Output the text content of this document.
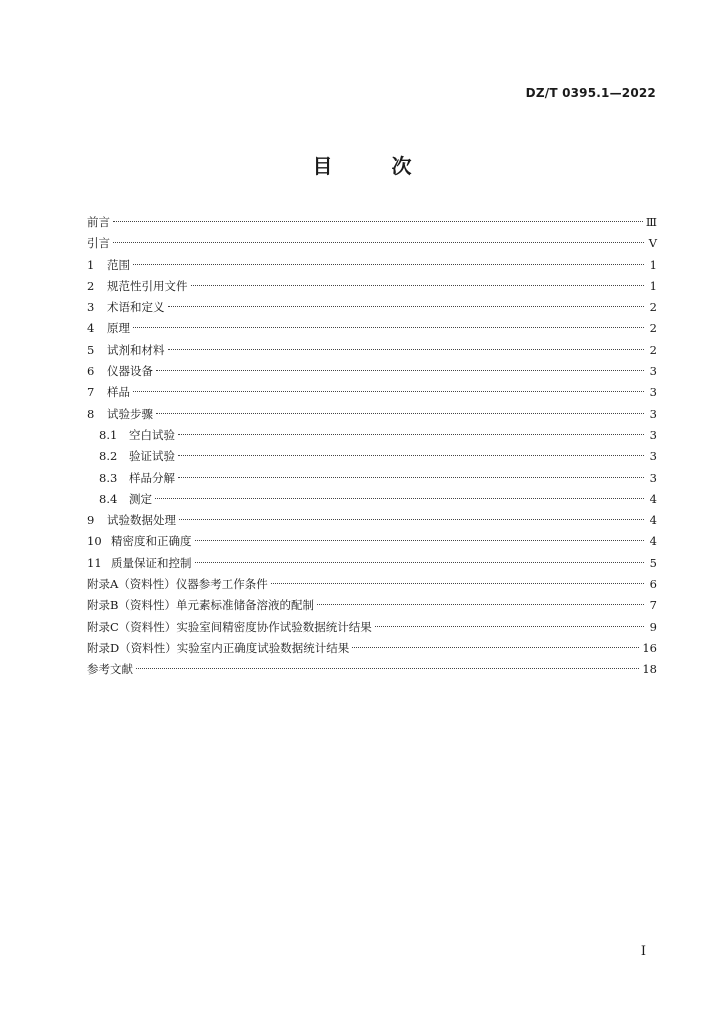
DZ/T 0395.1—2022
目 次
前言	Ⅲ
引言	Ⅴ
1	范围	1
2	规范性引用文件	1
3	术语和定义	2
4	原理	2
5	试剂和材料	2
6	仪器设备	3
7	样品	3
8	试验步骤	3
8.1	空白试验	3
8.2	验证试验	3
8.3	样品分解	3
8.4	测定	4
9	试验数据处理	4
10 精密度和正确度	4
11 质量保证和控制	5
附录A（资料性） 仪器参考工作条件	6
附录B（资料性） 单元素标准储备溶液的配制	7
附录C（资料性） 实验室间精密度协作试验数据统计结果	9
附录D（资料性） 实验室内正确度试验数据统计结果	16
参考文献	18
I
